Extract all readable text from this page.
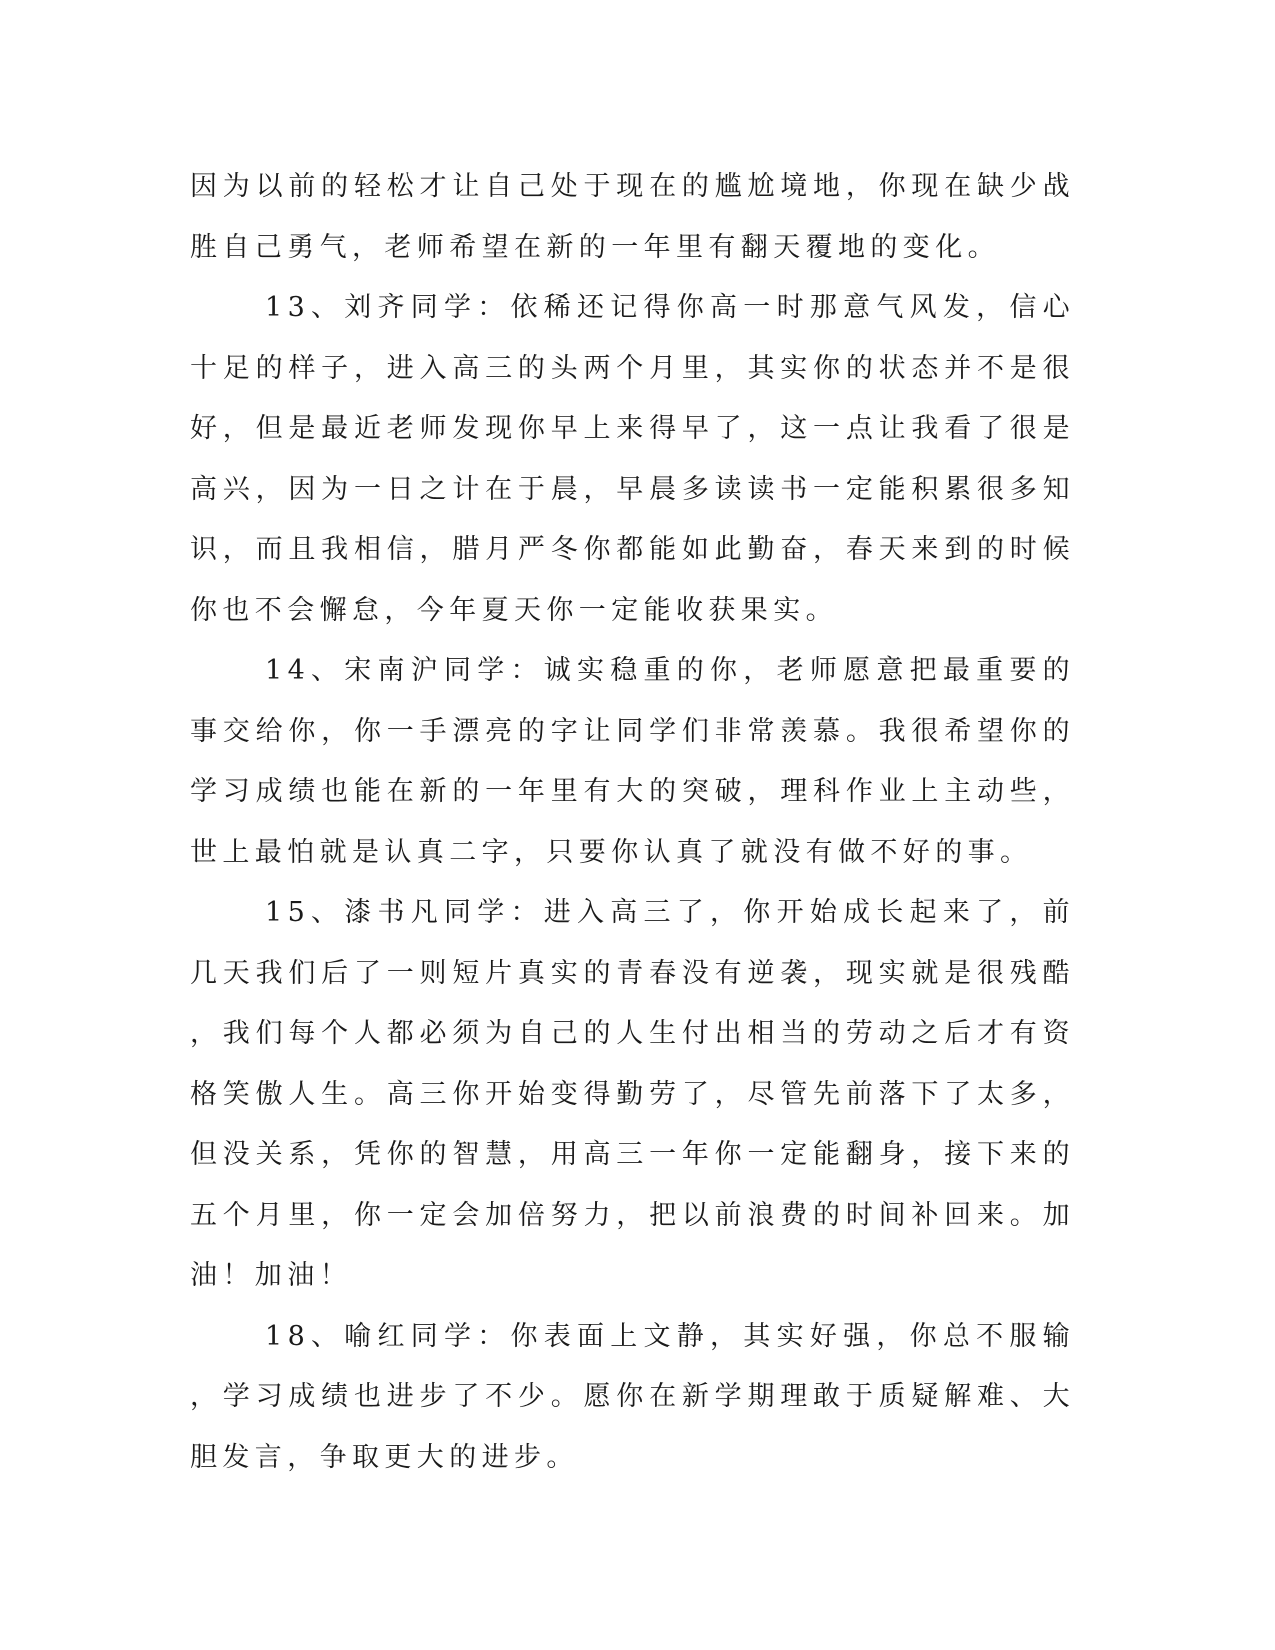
因为以前的轻松才让自己处于现在的尴尬境地，你现在缺少战胜自己勇气，老师希望在新的一年里有翻天覆地的变化。

13、刘齐同学：依稀还记得你高一时那意气风发，信心十足的样子，进入高三的头两个月里，其实你的状态并不是很好，但是最近老师发现你早上来得早了，这一点让我看了很是高兴，因为一日之计在于晨，早晨多读读书一定能积累很多知识，而且我相信，腊月严冬你都能如此勤奋，春天来到的时候你也不会懈怠，今年夏天你一定能收获果实。

14、宋南沪同学：诚实稳重的你，老师愿意把最重要的事交给你，你一手漂亮的字让同学们非常羡慕。我很希望你的学习成绩也能在新的一年里有大的突破，理科作业上主动些，世上最怕就是认真二字，只要你认真了就没有做不好的事。

15、漆书凡同学：进入高三了，你开始成长起来了，前几天我们后了一则短片真实的青春没有逆袭，现实就是很残酷，我们每个人都必须为自己的人生付出相当的劳动之后才有资格笑傲人生。高三你开始变得勤劳了，尽管先前落下了太多，但没关系，凭你的智慧，用高三一年你一定能翻身，接下来的五个月里，你一定会加倍努力，把以前浪费的时间补回来。加油！加油！

18、喻红同学：你表面上文静，其实好强，你总不服输，学习成绩也进步了不少。愿你在新学期理敢于质疑解难、大胆发言，争取更大的进步。
